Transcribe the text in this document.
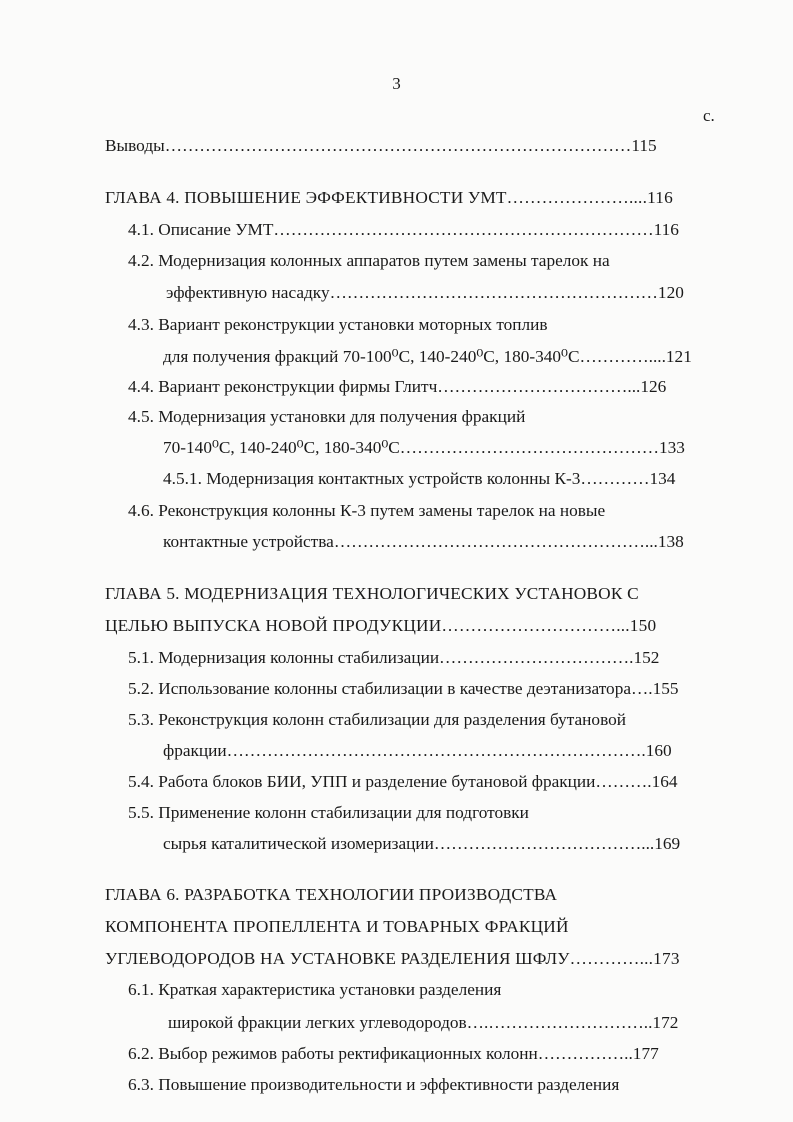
3
с.
Выводы………………………………………………………………………115
ГЛАВА 4. ПОВЫШЕНИЕ ЭФФЕКТИВНОСТИ УМТ…………………....116
4.1. Описание УМТ…………………………………………………………116
4.2. Модернизация колонных аппаратов путем замены тарелок на
эффективную насадку…………………………………………………120
4.3. Вариант реконструкции установки моторных топлив
для получения фракций 70-100⁰С, 140-240⁰С, 180-340⁰С…………....121
4.4. Вариант реконструкции фирмы Глитч……………………………...126
4.5. Модернизация установки для получения фракций
70-140⁰С, 140-240⁰С, 180-340⁰С………………………………………133
4.5.1. Модернизация контактных устройств колонны К-3…………134
4.6. Реконструкция колонны К-3 путем замены тарелок на новые
контактные устройства………………………………………………...138
ГЛАВА 5. МОДЕРНИЗАЦИЯ ТЕХНОЛОГИЧЕСКИХ УСТАНОВОК С
ЦЕЛЬЮ ВЫПУСКА НОВОЙ ПРОДУКЦИИ…………………………...150
5.1. Модернизация колонны стабилизации…………………………….152
5.2. Использование колонны стабилизации в качестве деэтанизатора….155
5.3. Реконструкция колонн стабилизации для разделения бутановой
фракции……………………………………………………………….160
5.4. Работа блоков БИИ, УПП и разделение бутановой фракции……….164
5.5. Применение колонн стабилизации для подготовки
сырья каталитической изомеризации………………………………...169
ГЛАВА 6. РАЗРАБОТКА ТЕХНОЛОГИИ ПРОИЗВОДСТВА
КОМПОНЕНТА ПРОПЕЛЛЕНТА И ТОВАРНЫХ ФРАКЦИЙ
УГЛЕВОДОРОДОВ НА УСТАНОВКЕ РАЗДЕЛЕНИЯ ШФЛУ…………...173
6.1. Краткая характеристика установки разделения
широкой фракции легких углеводородов….………………………..172
6.2. Выбор режимов работы ректификационных колонн……………..177
6.3. Повышение производительности и эффективности разделения
